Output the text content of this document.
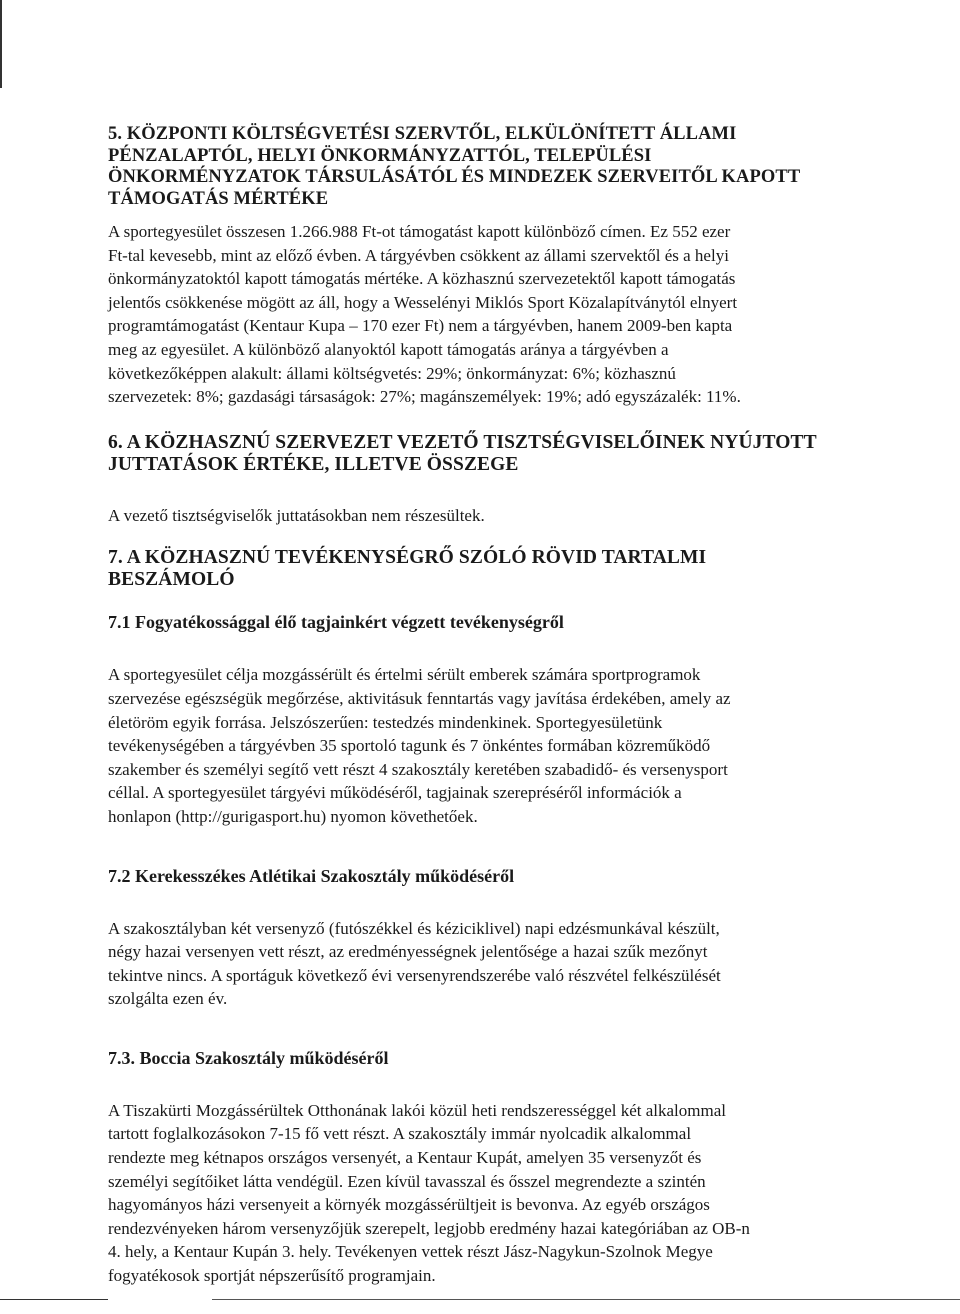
5. KÖZPONTI KÖLTSÉGVETÉSI SZERVTŐL, ELKÜLÖNÍTETT ÁLLAMI
PÉNZALAPTÓL, HELYI ÖNKORMÁNYZATTÓL, TELEPÜLÉSI
ÖNKORMÉNYZATOK TÁRSULÁSÁTÓL ÉS MINDEZEK SZERVEITŐL KAPOTT
TÁMOGATÁS MÉRTÉKE

A sportegyesület összesen 1.266.988 Ft-ot támogatást kapott különböző címen. Ez 552 ezer
Ft-tal kevesebb, mint az előző évben. A tárgyévben csökkent az állami szervektől és a helyi
önkormányzatoktól kapott támogatás mértéke. A közhasznú szervezetektől kapott támogatás
jelentős csökkenése mögött az áll, hogy a Wesselényi Miklós Sport Közalapítványtól elnyert
programtámogatást (Kentaur Kupa – 170 ezer Ft) nem a tárgyévben, hanem 2009-ben kapta
meg az egyesület. A különböző alanyoktól kapott támogatás aránya a tárgyévben a
következőképpen alakult: állami költségvetés: 29%; önkormányzat: 6%; közhasznú
szervezetek: 8%; gazdasági társaságok: 27%; magánszemélyek: 19%; adó egyszázalék: 11%.

6. A KÖZHASZNÚ SZERVEZET VEZETŐ TISZTSÉGVISELŐINEK NYÚJTOTT
JUTTATÁSOK ÉRTÉKE, ILLETVE ÖSSZEGE

A vezető tisztségviselők juttatásokban nem részesültek.

7. A KÖZHASZNÚ TEVÉKENYSÉGRŐ SZÓLÓ RÖVID TARTALMI BESZÁMOLÓ
7.1 Fogyatékossággal élő tagjainkért végzett tevékenységről

A sportegyesület célja mozgássérült és értelmi sérült emberek számára sportprogramok
szervezése egészségük megőrzése, aktivitásuk fenntartás vagy javítása érdekében, amely az
életöröm egyik forrása. Jelszószerűen: testedzés mindenkinek. Sportegyesületünk
tevékenységében a tárgyévben 35 sportoló tagunk és 7 önkéntes formában közreműködő
szakember és személyi segítő vett részt 4 szakosztály keretében szabadidő- és versenysport
céllal. A sportegyesület tárgyévi működéséről, tagjainak szerepréséről információk a
honlapon (http://gurigasport.hu) nyomon követhetőek.

7.2 Kerekesszékes Atlétikai Szakosztály működéséről

A szakosztályban két versenyző (futószékkel és kéziciklivel) napi edzésmunkával készült,
négy hazai versenyen vett részt, az eredményességnek jelentősége a hazai szűk mezőnyt
tekintve nincs. A sportáguk következő évi versenyrendszerébe való részvétel felkészülését
szolgálta ezen év.

7.3. Boccia Szakosztály működéséről

A Tiszakürti Mozgássérültek Otthonának lakói közül heti rendszerességgel két alkalommal
tartott foglalkozásokon 7-15 fő vett részt. A szakosztály immár nyolcadik alkalommal
rendezte meg kétnapos országos versenyét, a Kentaur Kupát, amelyen 35 versenyzőt és
személyi segítőiket látta vendégül. Ezen kívül tavasszal és ősszel megrendezte a szintén
hagyományos házi versenyeit a környék mozgássérültjeit is bevonva. Az egyéb országos
rendezvényeken három versenyzőjük szerepelt, legjobb eredmény hazai kategóriában az OB-n
4. hely, a Kentaur Kupán 3. hely. Tevékenyen vettek részt Jász-Nagykun-Szolnok Megye
fogyatékosok sportját népszerűsítő programjain.
